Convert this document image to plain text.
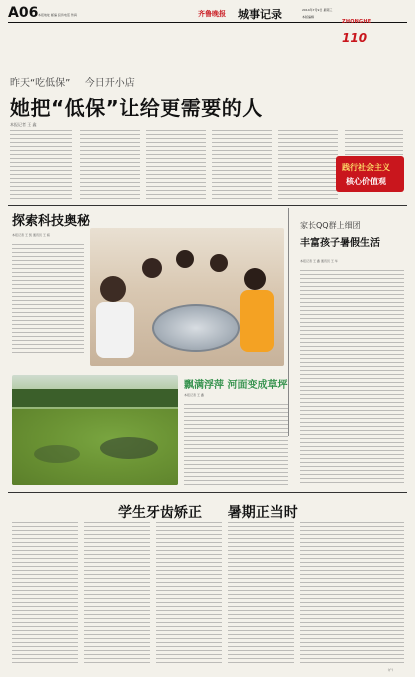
A06 本报地址 邮编 投诉电话 传真	齐鲁晚报 城事记录	2014年7月9日 星期三
本版编辑
ZHONGHE 110
昨天“吃低保” 今日开小店
她把“低保”让给更需要的人
本报记者 王 鑫
践行社会主义
核心价值观
探索科技奥秘
本报记者 王 凯 通讯员 王 娟
家长QQ群上细团
丰富孩子暑假生活
本报记者 王 鑫 通讯员 王 华
飘满浮萍 河面变成草坪
本报记者 王 鑫
学生牙齿矫正 暑期正当时
（广）
